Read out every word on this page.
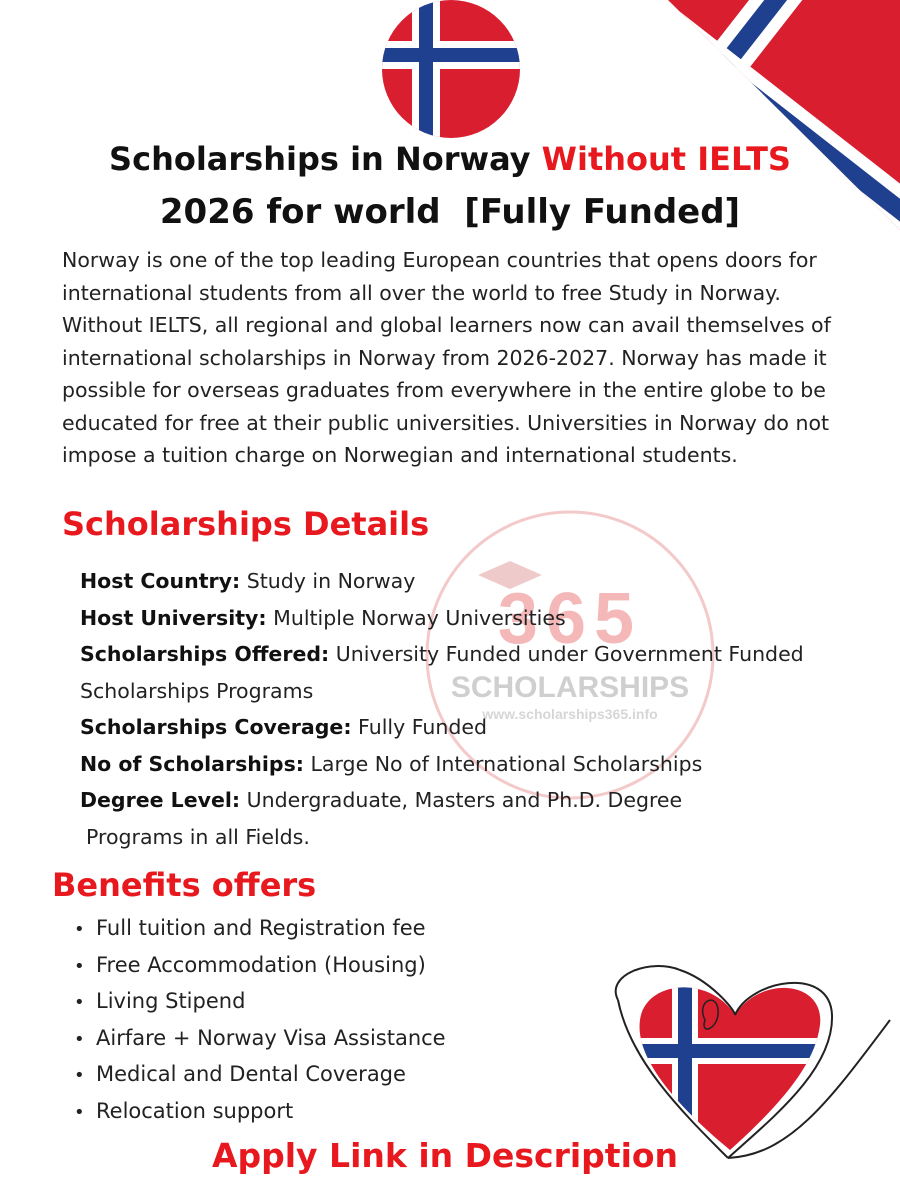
365
SCHOLARSHIPS
www.scholarships365.info
Scholarships in Norway Without IELTS
2026 for world  [Fully Funded]

Norway is one of the top leading European countries that opens doors for international students from all over the world to free Study in Norway. Without IELTS, all regional and global learners now can avail themselves of international scholarships in Norway from 2026-2027. Norway has made it possible for overseas graduates from everywhere in the entire globe to be educated for free at their public universities. Universities in Norway do not impose a tuition charge on Norwegian and international students.

Scholarships Details
Host Country: Study in Norway
Host University: Multiple Norway Universities
Scholarships Offered: University Funded under Government Funded
Scholarships Programs
Scholarships Coverage: Fully Funded
No of Scholarships: Large No of International Scholarships
Degree Level: Undergraduate, Masters and Ph.D. Degree
Programs in all Fields.
Benefits offers
• Full tuition and Registration fee
• Free Accommodation (Housing)
• Living Stipend
• Airfare + Norway Visa Assistance
• Medical and Dental Coverage
• Relocation support
Apply Link in Description
